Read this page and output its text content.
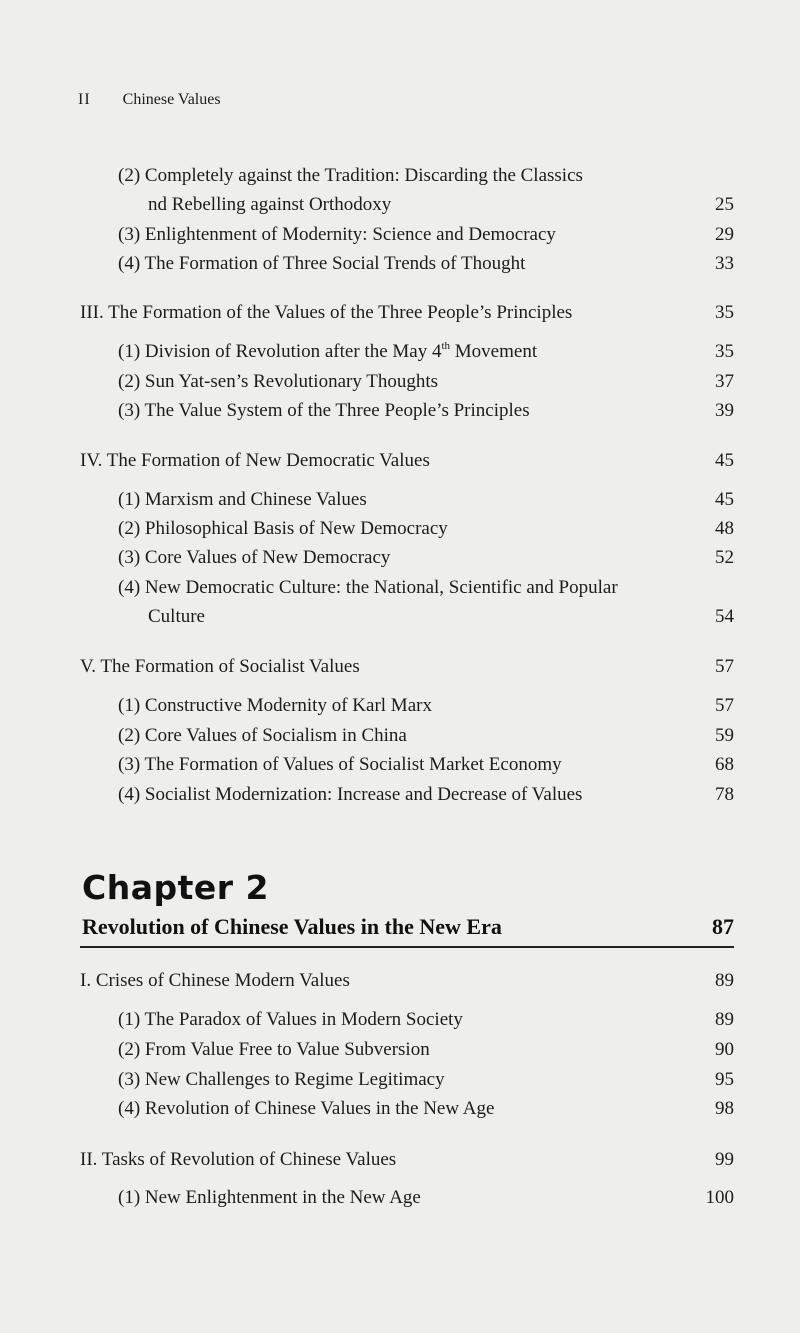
II Chinese Values
(2) Completely against the Tradition: Discarding the Classics
nd Rebelling against Orthodoxy	25
(3) Enlightenment of Modernity: Science and Democracy	29
(4) The Formation of Three Social Trends of Thought	33
III. The Formation of the Values of the Three People’s Principles	35
(1) Division of Revolution after the May 4th Movement	35
(2) Sun Yat-sen’s Revolutionary Thoughts	37
(3) The Value System of the Three People’s Principles	39
IV. The Formation of New Democratic Values	45
(1) Marxism and Chinese Values	45
(2) Philosophical Basis of New Democracy	48
(3) Core Values of New Democracy	52
(4) New Democratic Culture: the National, Scientific and Popular
Culture	54
V. The Formation of Socialist Values	57
(1) Constructive Modernity of Karl Marx	57
(2) Core Values of Socialism in China	59
(3) The Formation of Values of Socialist Market Economy	68
(4) Socialist Modernization: Increase and Decrease of Values	78
Chapter 2
Revolution of Chinese Values in the New Era	87
I. Crises of Chinese Modern Values	89
(1) The Paradox of Values in Modern Society	89
(2) From Value Free to Value Subversion	90
(3) New Challenges to Regime Legitimacy	95
(4) Revolution of Chinese Values in the New Age	98
II. Tasks of Revolution of Chinese Values	99
(1) New Enlightenment in the New Age	100
